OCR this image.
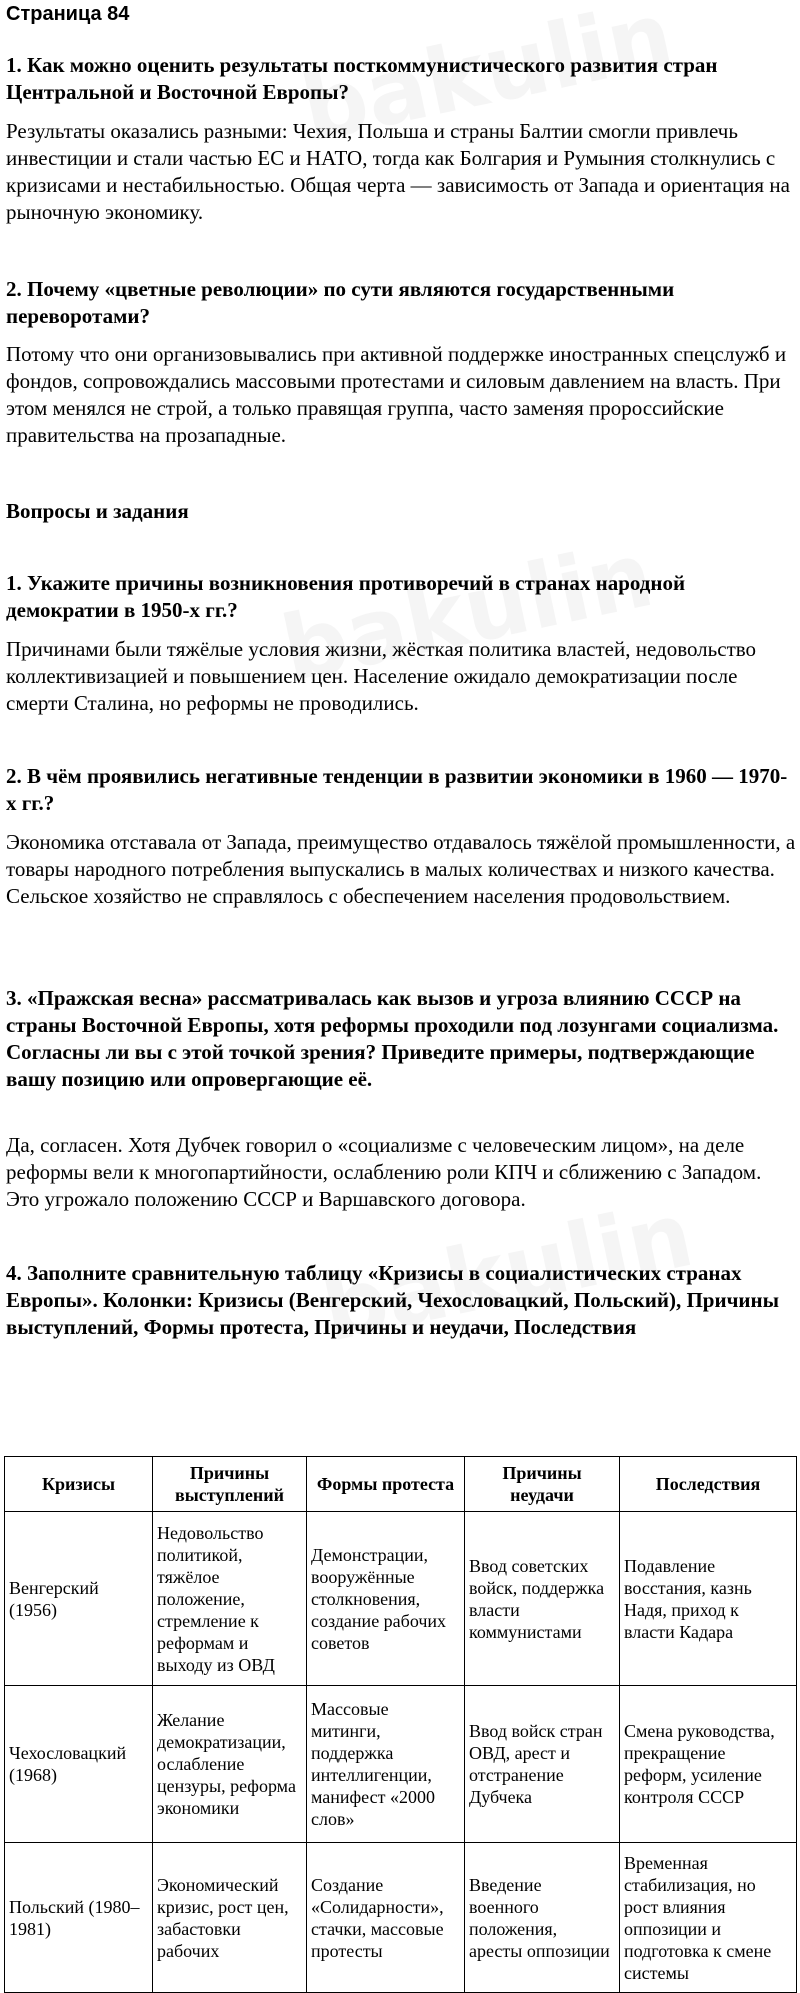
Страница 84
1. Как можно оценить результаты посткоммунистического развития стран Центральной и Восточной Европы?
Результаты оказались разными: Чехия, Польша и страны Балтии смогли привлечь инвестиции и стали частью ЕС и НАТО, тогда как Болгария и Румыния столкнулись с кризисами и нестабильностью. Общая черта — зависимость от Запада и ориентация на рыночную экономику.
2. Почему «цветные революции» по сути являются государственными переворотами?
Потому что они организовывались при активной поддержке иностранных спецслужб и фондов, сопровождались массовыми протестами и силовым давлением на власть. При этом менялся не строй, а только правящая группа, часто заменяя пророссийские правительства на прозападные.
Вопросы и задания
1. Укажите причины возникновения противоречий в странах народной демократии в 1950-х гг.?
Причинами были тяжёлые условия жизни, жёсткая политика властей, недовольство коллективизацией и повышением цен. Население ожидало демократизации после смерти Сталина, но реформы не проводились.
2. В чём проявились негативные тенденции в развитии экономики в 1960 — 1970-х гг.?
Экономика отставала от Запада, преимущество отдавалось тяжёлой промышленности, а товары народного потребления выпускались в малых количествах и низкого качества. Сельское хозяйство не справлялось с обеспечением населения продовольствием.
3. «Пражская весна» рассматривалась как вызов и угроза влиянию СССР на страны Восточной Европы, хотя реформы проходили под лозунгами социализма. Согласны ли вы с этой точкой зрения? Приведите примеры, подтверждающие вашу позицию или опровергающие её.
Да, согласен. Хотя Дубчек говорил о «социализме с человеческим лицом», на деле реформы вели к многопартийности, ослаблению роли КПЧ и сближению с Западом. Это угрожало положению СССР и Варшавского договора.
4. Заполните сравнительную таблицу «Кризисы в социалистических странах Европы». Колонки: Кризисы (Венгерский, Чехословацкий, Польский), Причины выступлений, Формы протеста, Причины и неудачи, Последствия
Кризисы	Причины выступлений	Формы протеста	Причины неудачи	Последствия
Венгерский (1956)	Недовольство политикой, тяжёлое положение, стремление к реформам и выходу из ОВД	Демонстрации, вооружённые столкновения, создание рабочих советов	Ввод советских войск, поддержка власти коммунистами	Подавление восстания, казнь Надя, приход к власти Кадара
Чехословацкий (1968)	Желание демократизации, ослабление цензуры, реформа экономики	Массовые митинги, поддержка интеллигенции, манифест «2000 слов»	Ввод войск стран ОВД, арест и отстранение Дубчека	Смена руководства, прекращение реформ, усиление контроля СССР
Польский (1980–1981)	Экономический кризис, рост цен, забастовки рабочих	Создание «Солидарности», стачки, массовые протесты	Введение военного положения, аресты оппозиции	Временная стабилизация, но рост влияния оппозиции и подготовка к смене системы
